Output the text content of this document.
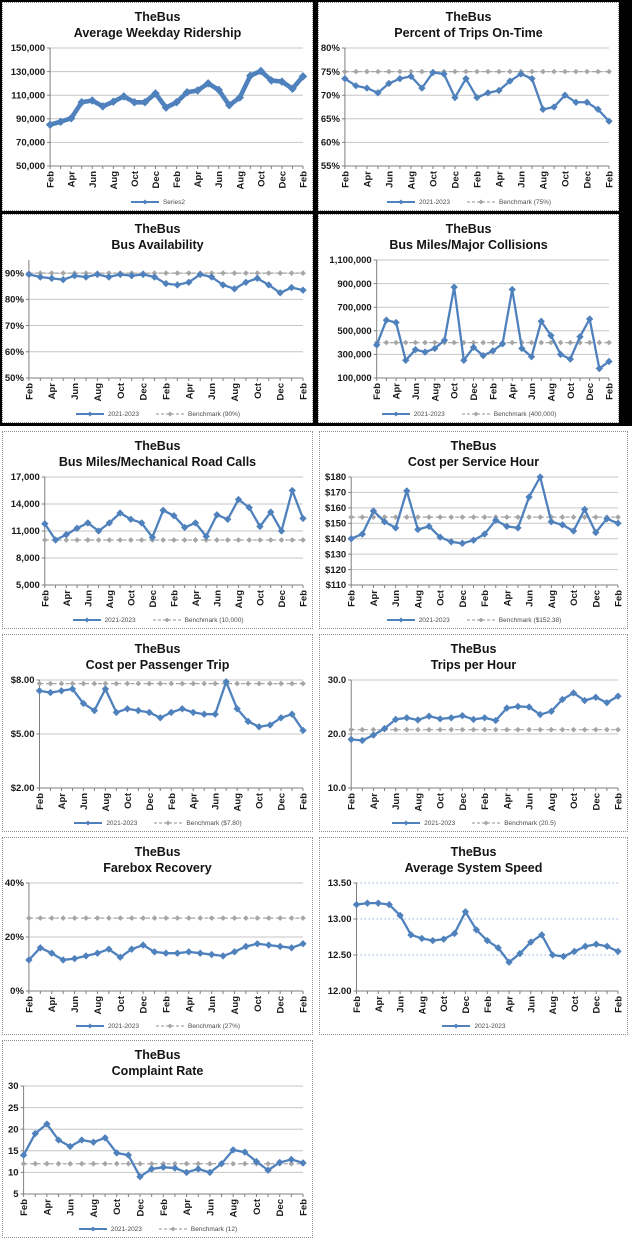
TheBus
Average Weekday Ridership
150,000
130,000
110,000
90,000
70,000
50,000
Feb Apr Jun Aug Oct Dec Feb Apr Jun Aug Oct Dec Feb
Series2
TheBus
Percent of Trips On-Time
80%
75%
70%
65%
60%
55%
Feb Apr Jun Aug Oct Dec Feb Apr Jun Aug Oct Dec Feb
2021-2023	Benchmark (75%)
TheBus
Bus Availability
90%
80%
70%
60%
50%
Feb Apr Jun Aug Oct Dec Feb Apr Jun Aug Oct Dec Feb
2021-2023	Benchmark (90%)
TheBus
Bus Miles/Major Collisions
1,100,000
900,000
700,000
500,000
300,000
100,000
Feb Apr Jun Aug Oct Dec Feb Apr Jun Aug Oct Dec Feb
2021-2023	Benchmark (400,000)
TheBus
Bus Miles/Mechanical Road Calls
17,000
14,000
11,000
8,000
5,000
Feb Apr Jun Aug Oct Dec Feb Apr Jun Aug Oct Dec Feb
2021-2023	Benchmark (10,000)
TheBus
Cost per Service Hour
$180
$170
$160
$150
$140
$130
$120
$110
Feb Apr Jun Aug Oct Dec Feb Apr Jun Aug Oct Dec Feb
2021-2023	Benchmark ($152.38)
TheBus
Cost per Passenger Trip
$8.00
$5.00
$2.00
Feb Apr Jun Aug Oct Dec Feb Apr Jun Aug Oct Dec Feb
2021-2023	Benchmark ($7.80)
TheBus
Trips per Hour
30.0
20.0
10.0
Feb Apr Jun Aug Oct Dec Feb Apr Jun Aug Oct Dec Feb
2021-2023	Benchmark (20.5)
TheBus
Farebox Recovery
40%
20%
0%
Feb Apr Jun Aug Oct Dec Feb Apr Jun Aug Oct Dec Feb
2021-2023	Benchmark (27%)
TheBus
Average System Speed
13.50
13.00
12.50
12.00
Feb Apr Jun Aug Oct Dec Feb Apr Jun Aug Oct Dec Feb
2021-2023
TheBus
Complaint Rate
30
25
20
15
10
5
Feb Apr Jun Aug Oct Dec Feb Apr Jun Aug Oct Dec Feb
2021-2023	Benchmark (12)
